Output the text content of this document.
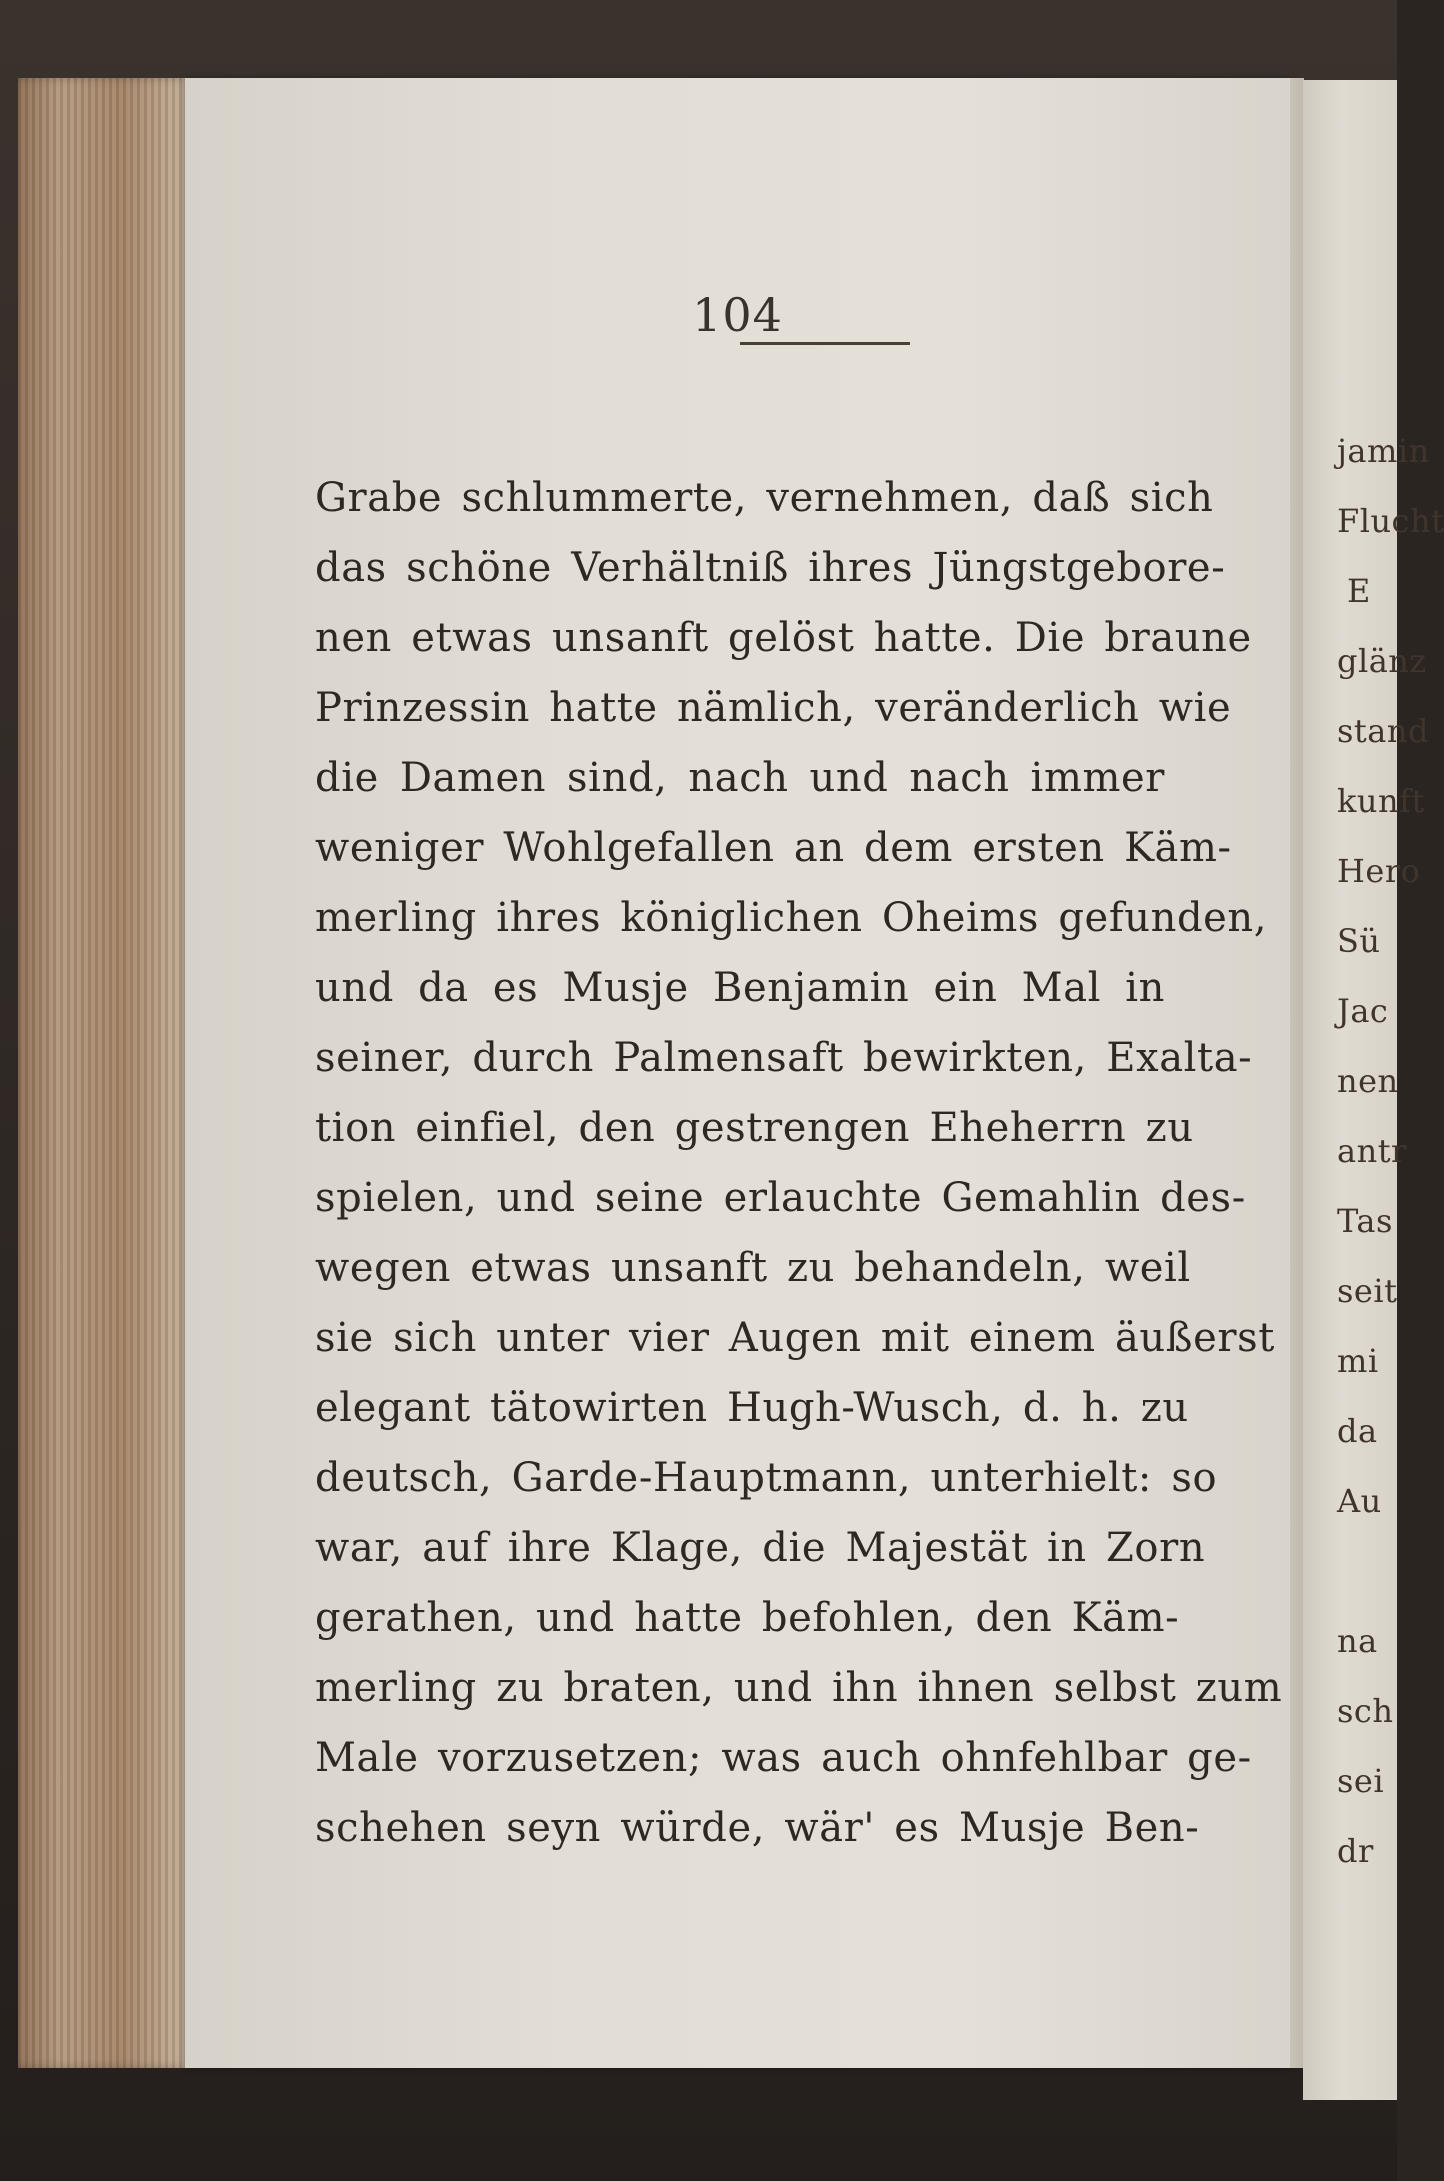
104
Grabe schlummerte, vernehmen, daß sich
das schöne Verhältniß ihres Jüngstgebore-
nen etwas unsanft gelöst hatte. Die braune
Prinzessin hatte nämlich, veränderlich wie
die Damen sind, nach und nach immer
weniger Wohlgefallen an dem ersten Käm-
merling ihres königlichen Oheims gefunden,
und da es Musje Benjamin ein Mal in
seiner, durch Palmensaft bewirkten, Exalta-
tion einfiel, den gestrengen Eheherrn zu
spielen, und seine erlauchte Gemahlin des-
wegen etwas unsanft zu behandeln, weil
sie sich unter vier Augen mit einem äußerst
elegant tätowirten Hugh-Wusch, d. h. zu
deutsch, Garde-Hauptmann, unterhielt: so
war, auf ihre Klage, die Majestät in Zorn
gerathen, und hatte befohlen, den Käm-
merling zu braten, und ihn ihnen selbst zum
Male vorzusetzen; was auch ohnfehlbar ge-
schehen seyn würde, wär' es Musje Ben-
jamin
Flucht
E
glänz
stand
kunft
Hero
Sü
Jac
nen
antr
Tas
seit
mi
da
Au
na
sch
sei
dr
